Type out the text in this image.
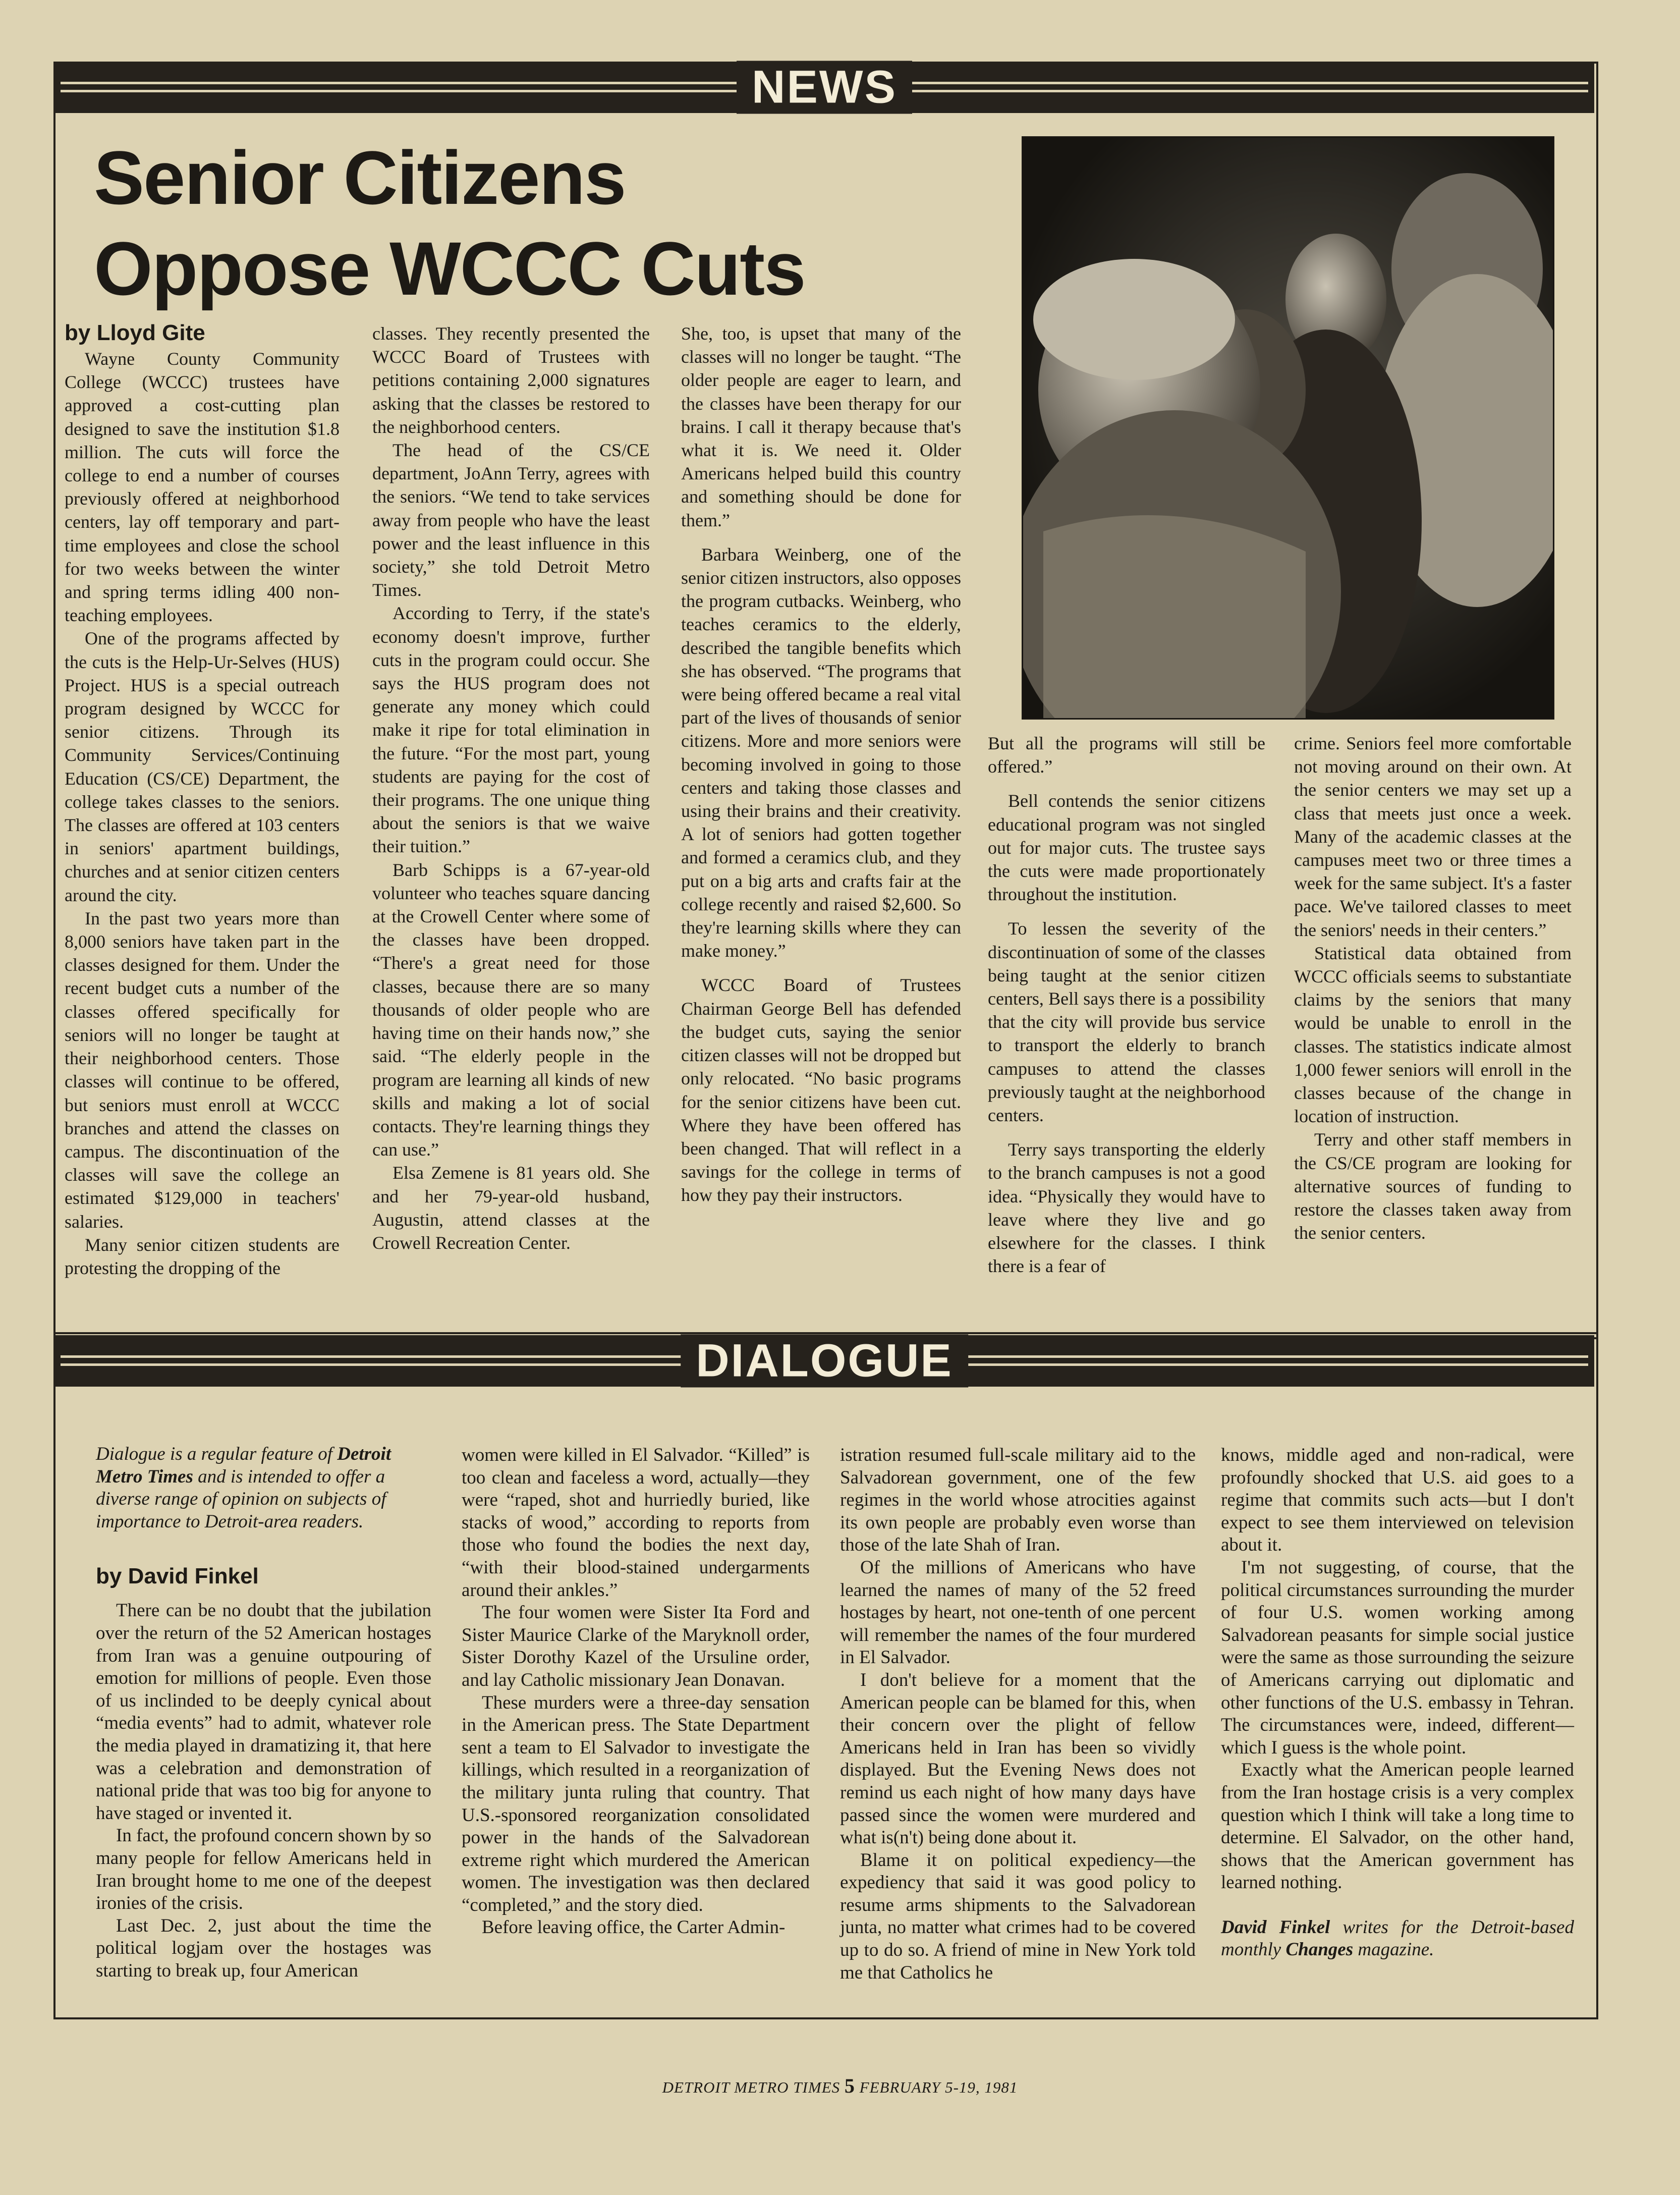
NEWS
Senior Citizens
Oppose WCCC Cuts
by Lloyd Gite

Wayne County Community College (WCCC) trustees have approved a cost-cutting plan designed to save the institution $1.8 million. The cuts will force the college to end a number of courses previously offered at neighborhood centers, lay off temporary and part-time employees and close the school for two weeks between the winter and spring terms idling 400 non-teaching employees.

One of the programs affected by the cuts is the Help-Ur-Selves (HUS) Project. HUS is a special outreach program designed by WCCC for senior citizens. Through its Community Services/Continuing Education (CS/CE) Department, the college takes classes to the seniors. The classes are offered at 103 centers in seniors' apartment buildings, churches and at senior citizen centers around the city.

In the past two years more than 8,000 seniors have taken part in the classes designed for them. Under the recent budget cuts a number of the classes offered specifically for seniors will no longer be taught at their neighborhood centers. Those classes will continue to be offered, but seniors must enroll at WCCC branches and attend the classes on campus. The discontinuation of the classes will save the college an estimated $129,000 in teachers' salaries.

Many senior citizen students are protesting the dropping of the

classes. They recently presented the WCCC Board of Trustees with petitions containing 2,000 signatures asking that the classes be restored to the neighborhood centers.

The head of the CS/CE department, JoAnn Terry, agrees with the seniors. “We tend to take services away from people who have the least power and the least influence in this society,” she told Detroit Metro Times.

According to Terry, if the state's economy doesn't improve, further cuts in the program could occur. She says the HUS program does not generate any money which could make it ripe for total elimination in the future. “For the most part, young students are paying for the cost of their programs. The one unique thing about the seniors is that we waive their tuition.”

Barb Schipps is a 67-year-old volunteer who teaches square dancing at the Crowell Center where some of the classes have been dropped. “There's a great need for those classes, because there are so many thousands of older people who are having time on their hands now,” she said. “The elderly people in the program are learning all kinds of new skills and making a lot of social contacts. They're learning things they can use.”

Elsa Zemene is 81 years old. She and her 79-year-old husband, Augustin, attend classes at the Crowell Recreation Center.

She, too, is upset that many of the classes will no longer be taught. “The older people are eager to learn, and the classes have been therapy for our brains. I call it therapy because that's what it is. We need it. Older Americans helped build this country and something should be done for them.”

Barbara Weinberg, one of the senior citizen instructors, also opposes the program cutbacks. Weinberg, who teaches ceramics to the elderly, described the tangible benefits which she has observed. “The programs that were being offered became a real vital part of the lives of thousands of senior citizens. More and more seniors were becoming involved in going to those centers and taking those classes and using their brains and their creativity. A lot of seniors had gotten together and formed a ceramics club, and they put on a big arts and crafts fair at the college recently and raised $2,600. So they're learning skills where they can make money.”

WCCC Board of Trustees Chairman George Bell has defended the budget cuts, saying the senior citizen classes will not be dropped but only relocated. “No basic programs for the senior citizens have been cut. Where they have been offered has been changed. That will reflect in a savings for the college in terms of how they pay their instructors.

But all the programs will still be offered.”

Bell contends the senior citizens educational program was not singled out for major cuts. The trustee says the cuts were made proportionately throughout the institution.

To lessen the severity of the discontinuation of some of the classes being taught at the senior citizen centers, Bell says there is a possibility that the city will provide bus service to transport the elderly to branch campuses to attend the classes previously taught at the neighborhood centers.

Terry says transporting the elderly to the branch campuses is not a good idea. “Physically they would have to leave where they live and go elsewhere for the classes. I think there is a fear of

crime. Seniors feel more comfortable not moving around on their own. At the senior centers we may set up a class that meets just once a week. Many of the academic classes at the campuses meet two or three times a week for the same subject. It's a faster pace. We've tailored classes to meet the seniors' needs in their centers.”

Statistical data obtained from WCCC officials seems to substantiate claims by the seniors that many would be unable to enroll in the classes. The statistics indicate almost 1,000 fewer seniors will enroll in the classes because of the change in location of instruction.

Terry and other staff members in the CS/CE program are looking for alternative sources of funding to restore the classes taken away from the senior centers.

DIALOGUE
Dialogue is a regular feature of Detroit Metro Times and is intended to offer a diverse range of opinion on subjects of importance to Detroit-area readers.
by David Finkel

There can be no doubt that the jubilation over the return of the 52 American hostages from Iran was a genuine outpouring of emotion for millions of people. Even those of us inclinded to be deeply cynical about “media events” had to admit, whatever role the media played in dramatizing it, that here was a celebration and demonstration of national pride that was too big for anyone to have staged or invented it.

In fact, the profound concern shown by so many people for fellow Americans held in Iran brought home to me one of the deepest ironies of the crisis.

Last Dec. 2, just about the time the political logjam over the hostages was starting to break up, four American

women were killed in El Salvador. “Killed” is too clean and faceless a word, actually—they were “raped, shot and hurriedly buried, like stacks of wood,” according to reports from those who found the bodies the next day, “with their blood-stained undergarments around their ankles.”

The four women were Sister Ita Ford and Sister Maurice Clarke of the Maryknoll order, Sister Dorothy Kazel of the Ursuline order, and lay Catholic missionary Jean Donavan.

These murders were a three-day sensation in the American press. The State Department sent a team to El Salvador to investigate the killings, which resulted in a reorganization of the military junta ruling that country. That U.S.-sponsored reorganization consolidated power in the hands of the Salvadorean extreme right which murdered the American women. The investigation was then declared “completed,” and the story died.

Before leaving office, the Carter Admin-

istration resumed full-scale military aid to the Salvadorean government, one of the few regimes in the world whose atrocities against its own people are probably even worse than those of the late Shah of Iran.

Of the millions of Americans who have learned the names of many of the 52 freed hostages by heart, not one-tenth of one percent will remember the names of the four murdered in El Salvador.

I don't believe for a moment that the American people can be blamed for this, when their concern over the plight of fellow Americans held in Iran has been so vividly displayed. But the Evening News does not remind us each night of how many days have passed since the women were murdered and what is(n't) being done about it.

Blame it on political expediency—the expediency that said it was good policy to resume arms shipments to the Salvadorean junta, no matter what crimes had to be covered up to do so. A friend of mine in New York told me that Catholics he

knows, middle aged and non-radical, were profoundly shocked that U.S. aid goes to a regime that commits such acts—but I don't expect to see them interviewed on television about it.

I'm not suggesting, of course, that the political circumstances surrounding the murder of four U.S. women working among Salvadorean peasants for simple social justice were the same as those surrounding the seizure of Americans carrying out diplomatic and other functions of the U.S. embassy in Tehran. The circumstances were, indeed, different—which I guess is the whole point.

Exactly what the American people learned from the Iran hostage crisis is a very complex question which I think will take a long time to determine. El Salvador, on the other hand, shows that the American government has learned nothing.

David Finkel writes for the Detroit-based monthly Changes magazine.

DETROIT METRO TIMES 5 FEBRUARY 5-19, 1981
